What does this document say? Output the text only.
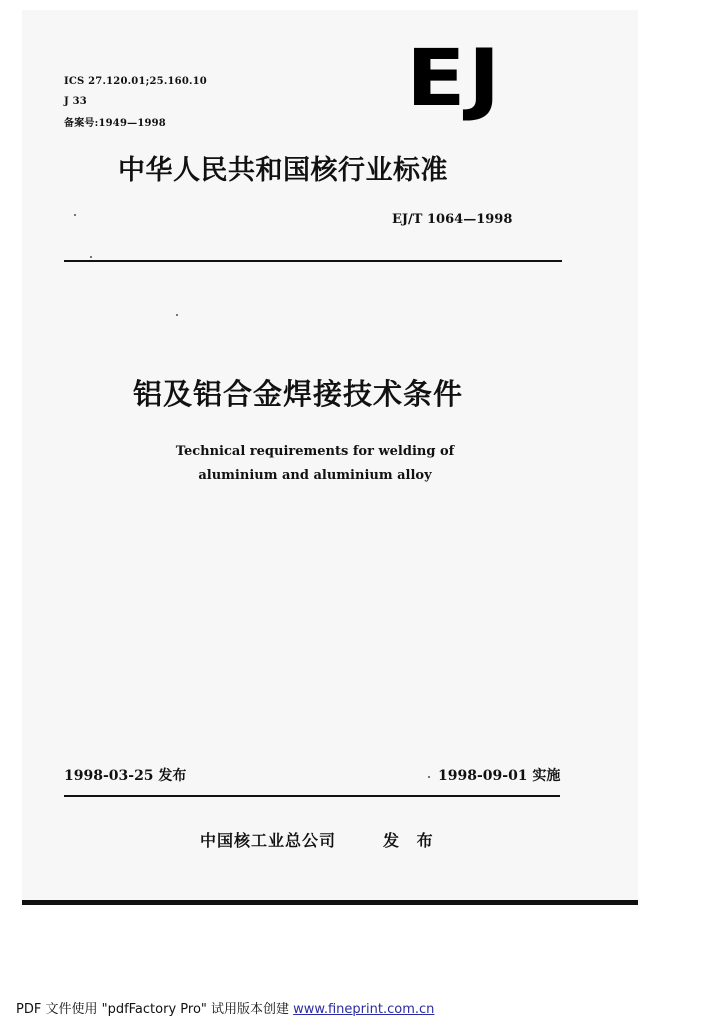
ICS 27.120.01;25.160.10
J 33
备案号:1949—1998	EJ
中华人民共和国核行业标准
EJ/T 1064—1998
铝及铝合金焊接技术条件
Technical requirements for welding of
aluminium and aluminium alloy
1998-03-25 发布	1998-09-01 实施
中国核工业总公司	发 布
PDF 文件使用 "pdfFactory Pro" 试用版本创建 www.fineprint.com.cn
